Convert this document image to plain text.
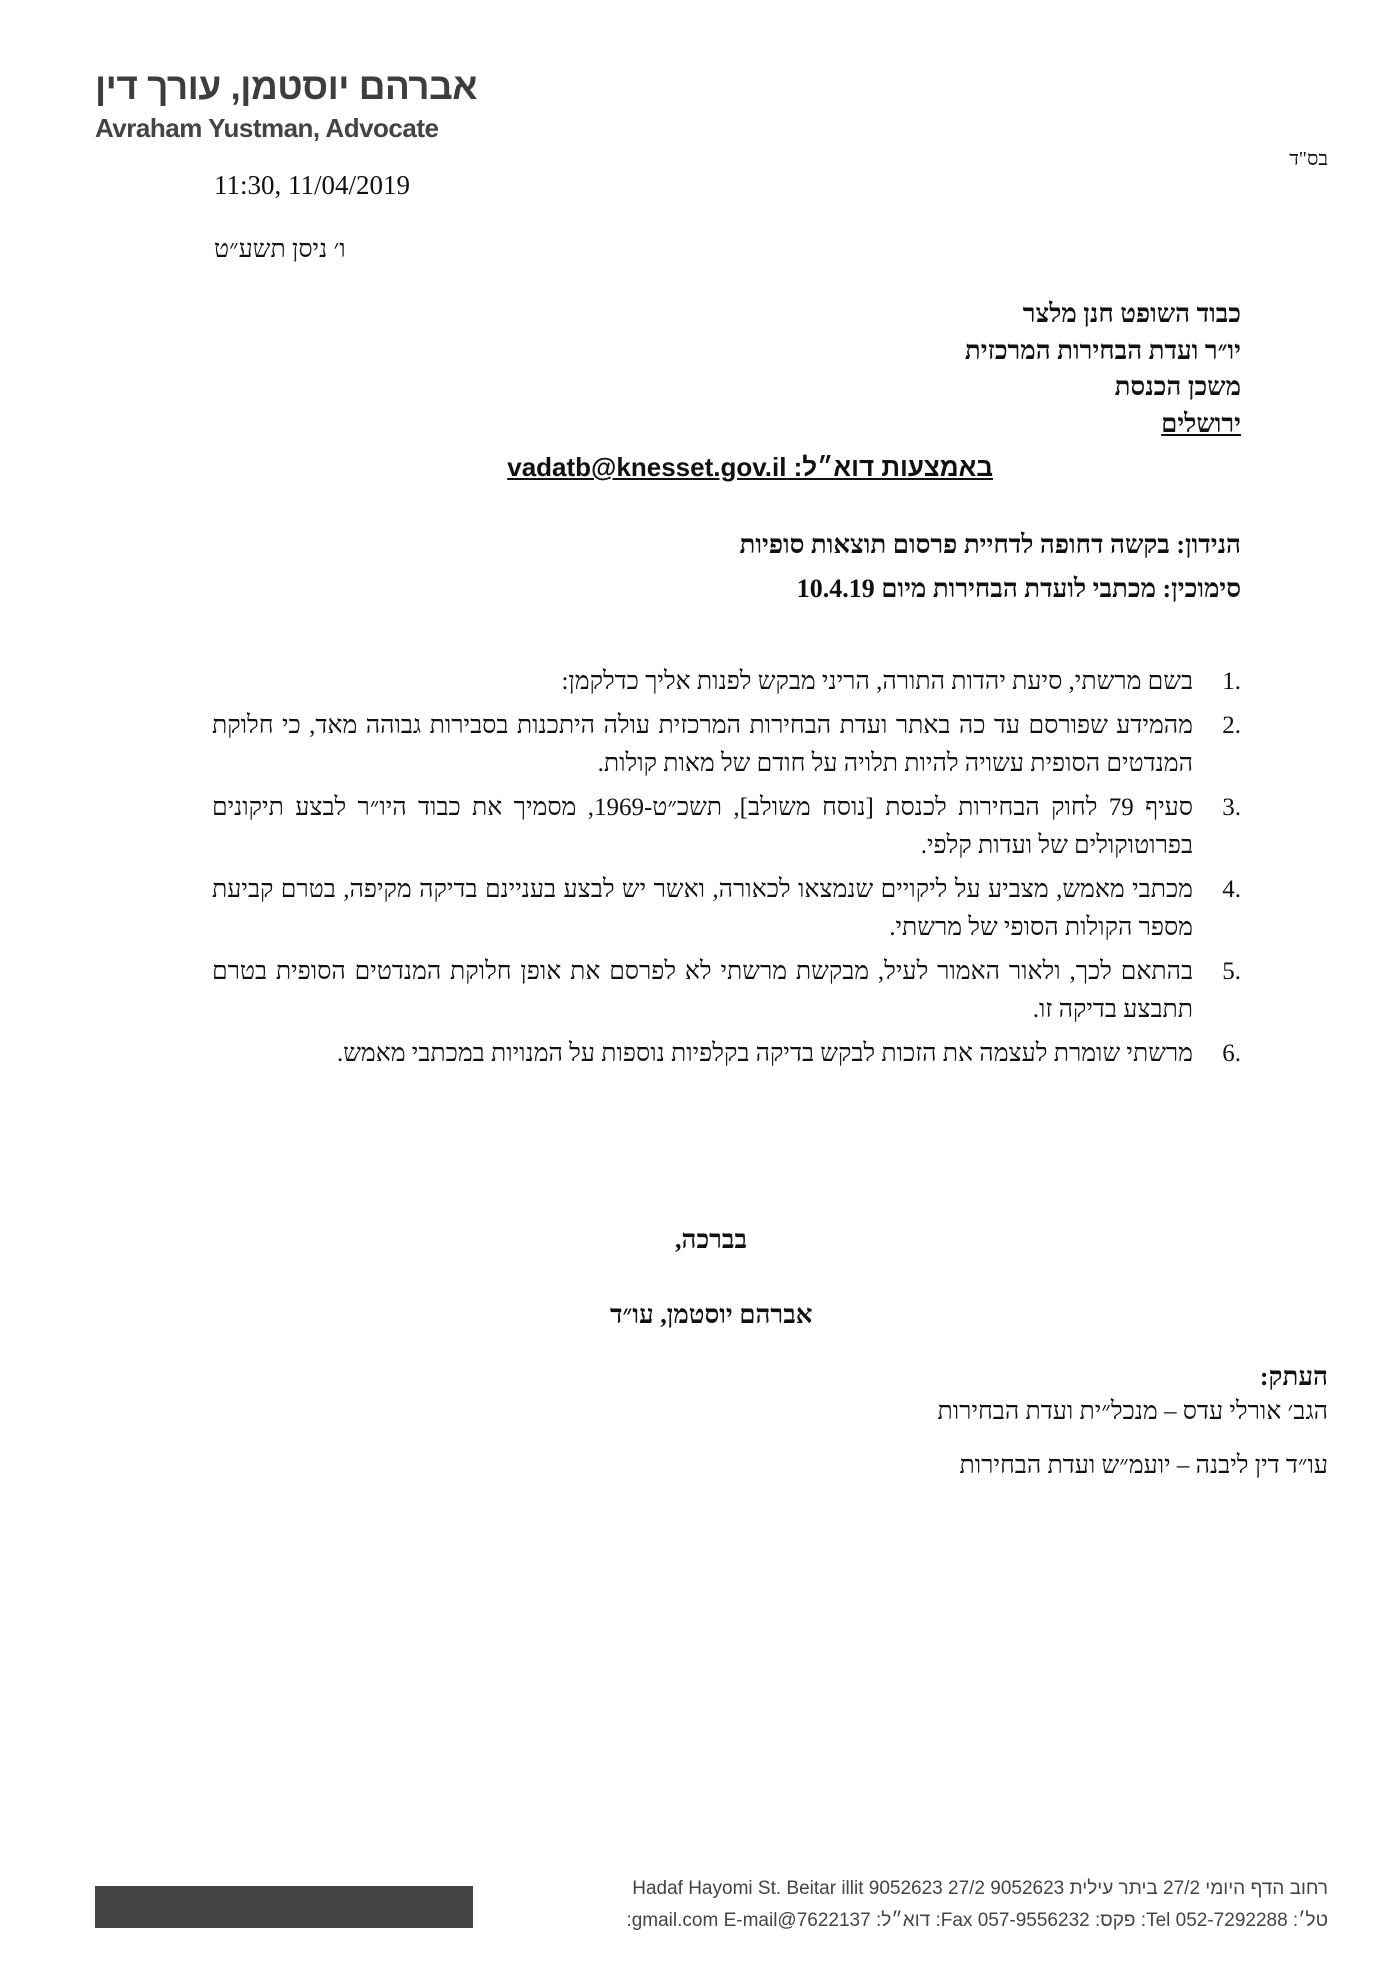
אברהם יוסטמן, עורך דין
Avraham Yustman, Advocate
בס"ד
11:30, 11/04/2019
ו׳ ניסן תשע״ט
כבוד השופט חנן מלצר
יו״ר ועדת הבחירות המרכזית
משכן הכנסת
ירושלים
באמצעות דוא״ל: vadatb@knesset.gov.il
הנידון: בקשה דחופה לדחיית פרסום תוצאות סופיות
סימוכין: מכתבי לועדת הבחירות מיום 10.4.19
1.
בשם מרשתי, סיעת יהדות התורה, הריני מבקש לפנות אליך כדלקמן:
2.
מהמידע שפורסם עד כה באתר ועדת הבחירות המרכזית עולה היתכנות בסבירות גבוהה מאד, כי חלוקת המנדטים הסופית עשויה להיות תלויה על חודם של מאות קולות.
3.
סעיף 79 לחוק הבחירות לכנסת [נוסח משולב], תשכ״ט-1969, מסמיך את כבוד היו״ר לבצע תיקונים בפרוטוקולים של ועדות קלפי.
4.
מכתבי מאמש, מצביע על ליקויים שנמצאו לכאורה, ואשר יש לבצע בעניינם בדיקה מקיפה, בטרם קביעת מספר הקולות הסופי של מרשתי.
5.
בהתאם לכך, ולאור האמור לעיל, מבקשת מרשתי לא לפרסם את אופן חלוקת המנדטים הסופית בטרם תתבצע בדיקה זו.
6.
מרשתי שומרת לעצמה את הזכות לבקש בדיקה בקלפיות נוספות על המנויות במכתבי מאמש.
בברכה,
אברהם יוסטמן, עו״ד
העתק:
הגב׳ אורלי עדס – מנכל״ית ועדת הבחירות
עו״ד דין ליבנה – יועמ״ש ועדת הבחירות
רחוב הדף היומי 27/2 ביתר עילית 9052623 27/2 Hadaf Hayomi St. Beitar illit 9052623
טל׳: 052-7292288 Tel: פקס: 057-9556232 Fax: דוא״ל: 7622137@gmail.com E-mail:
